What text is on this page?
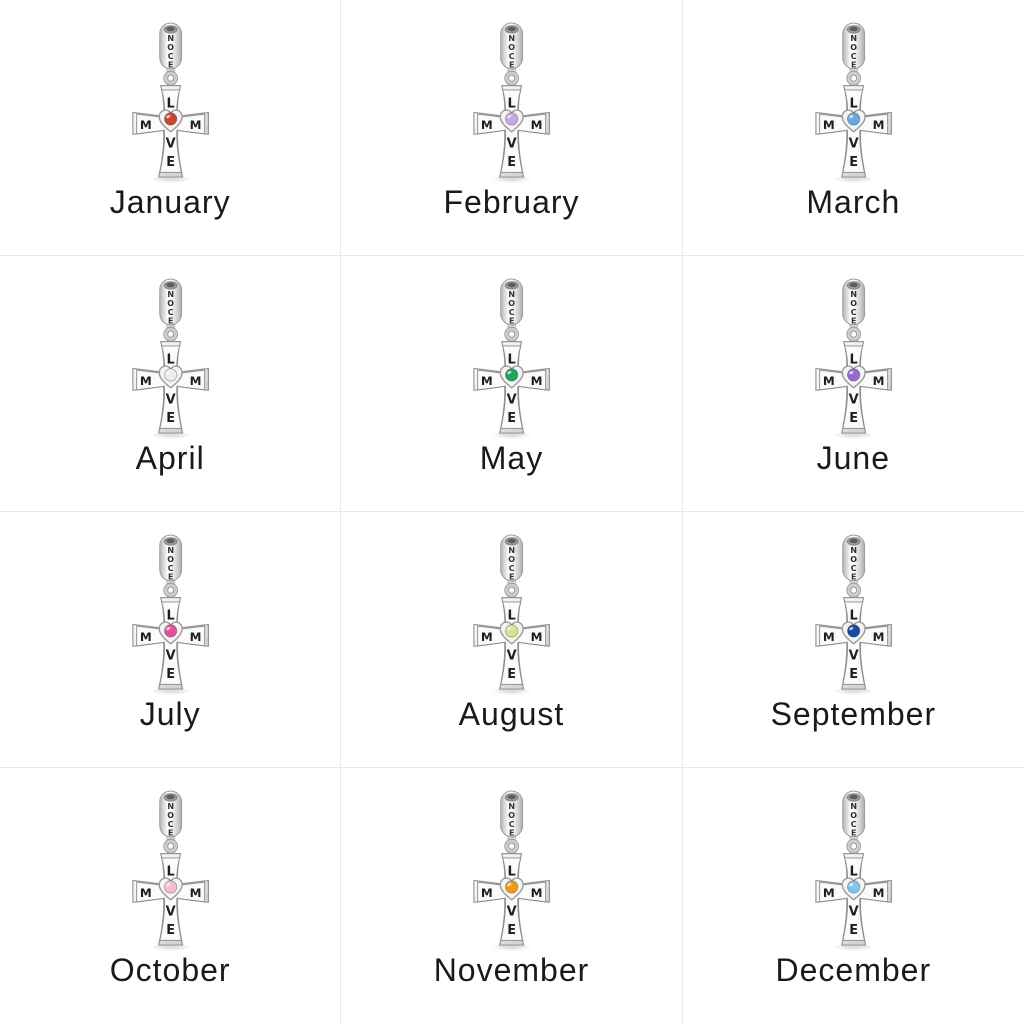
January	February	March
April	May	June
July	August	September
October	November	December
